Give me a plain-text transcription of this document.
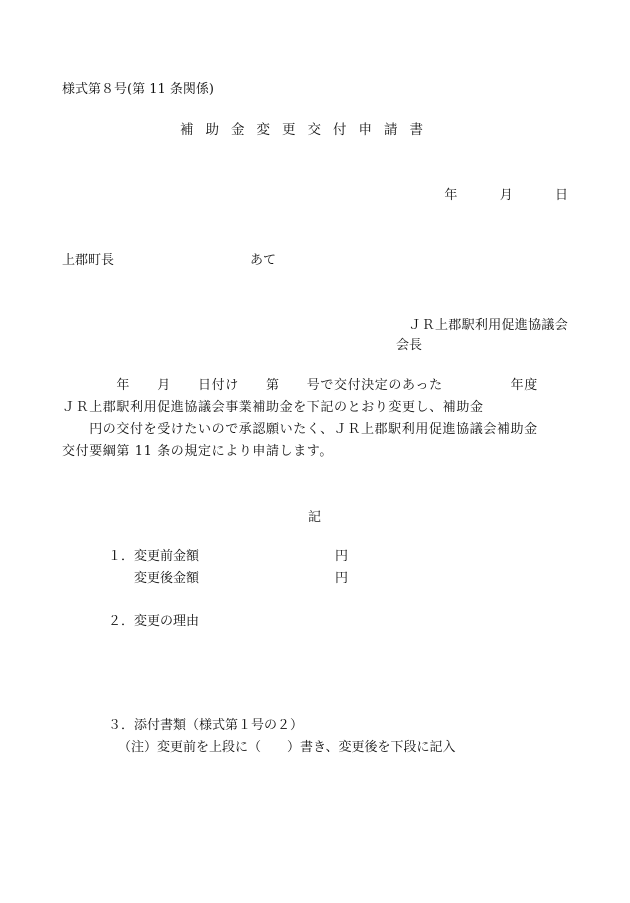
様式第８号(第 11 条関係)
補助金変更交付申請書
年	月	日
上郡町長	あて
ＪＲ上郡駅利用促進協議会
会長
　　　　年　　月　　日付け　　第　　号で交付決定のあった　　　　　年度
ＪＲ上郡駅利用促進協議会事業補助金を下記のとおり変更し、補助金
　　円の交付を受けたいので承認願いたく、ＪＲ上郡駅利用促進協議会補助金
交付要綱第 11 条の規定により申請します。
記
１．変更前金額	円
変更後金額	円
２．変更の理由
３．添付書類（様式第１号の２）
（注）変更前を上段に（　　）書き、変更後を下段に記入
